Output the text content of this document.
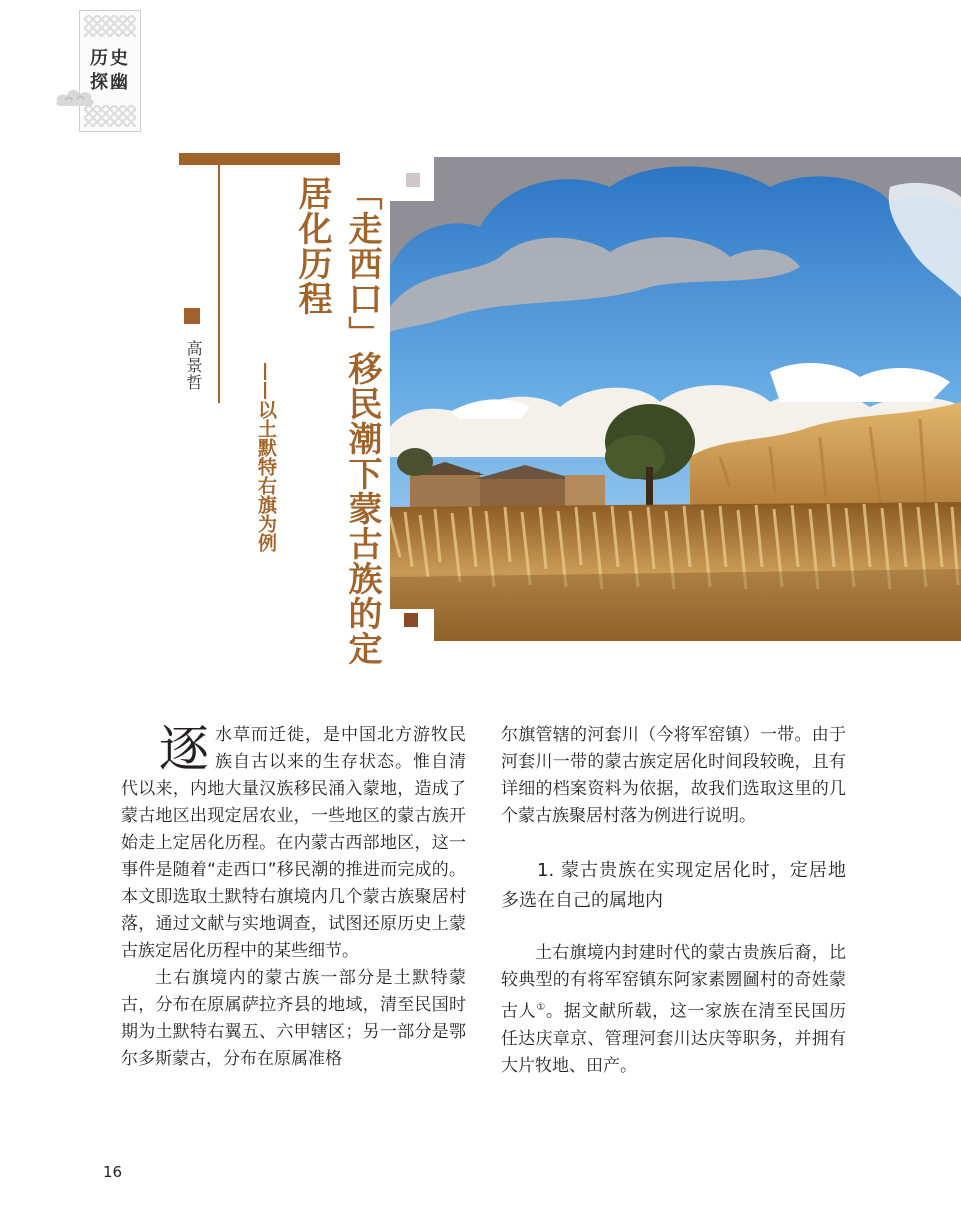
历史
探幽
高景哲	「走西口」移民潮下蒙古族的定居化历程
——以土默特右旗为例

逐水草而迁徙，是中国北方游牧民族自古以来的生存状态。惟自清代以来，内地大量汉族移民涌入蒙地，造成了蒙古地区出现定居农业，一些地区的蒙古族开始走上定居化历程。在内蒙古西部地区，这一事件是随着“走西口”移民潮的推进而完成的。本文即选取土默特右旗境内几个蒙古族聚居村落，通过文献与实地调查，试图还原历史上蒙古族定居化历程中的某些细节。

土右旗境内的蒙古族一部分是土默特蒙古，分布在原属萨拉齐县的地域，清至民国时期为土默特右翼五、六甲辖区；另一部分是鄂尔多斯蒙古，分布在原属准格

尔旗管辖的河套川（今将军窑镇）一带。由于河套川一带的蒙古族定居化时间段较晚，且有详细的档案资料为依据，故我们选取这里的几个蒙古族聚居村落为例进行说明。

1. 蒙古贵族在实现定居化时，定居地多选在自己的属地内

土右旗境内封建时代的蒙古贵族后裔，比较典型的有将军窑镇东阿家素圐圙村的奇姓蒙古人①。据文献所载，这一家族在清至民国历任达庆章京、管理河套川达庆等职务，并拥有大片牧地、田产。

16
